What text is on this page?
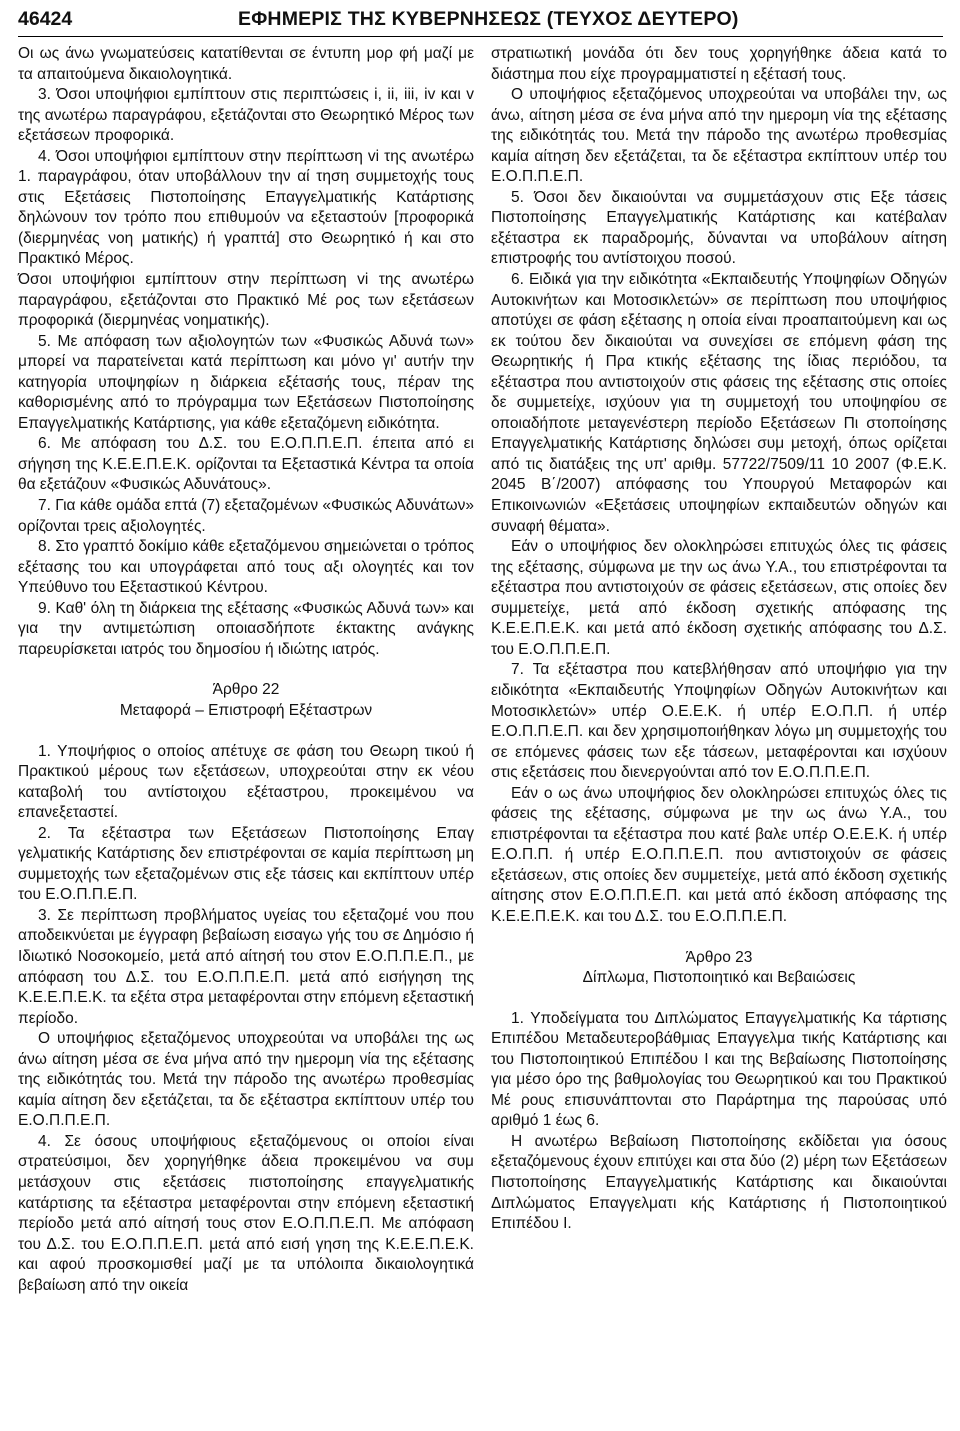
46424	ΕΦΗΜΕΡΙΣ ΤΗΣ ΚΥΒΕΡΝΗΣΕΩΣ (ΤΕΥΧΟΣ ΔΕΥΤΕΡΟ)

Οι ως άνω γνωματεύσεις κατατίθενται σε έντυπη μορ φή μαζί με τα απαιτούμενα δικαιολογητικά.

3. Όσοι υποψήφιοι εμπίπτουν στις περιπτώσεις i, ii, iii, iv και v της ανωτέρω παραγράφου, εξετάζονται στο Θεωρητικό Μέρος των εξετάσεων προφορικά.

4. Όσοι υποψήφιοι εμπίπτουν στην περίπτωση vi της ανωτέρω 1. παραγράφου, όταν υποβάλλουν την αί τηση συμμετοχής τους στις Εξετάσεις Πιστοποίησης Επαγγελματικής Κατάρτισης δηλώνουν τον τρόπο που επιθυμούν να εξεταστούν [προφορικά (διερμηνέας νοη ματικής) ή γραπτά] στο Θεωρητικό ή και στο Πρακτικό Μέρος.

Όσοι υποψήφιοι εμπίπτουν στην περίπτωση vi της ανωτέρω παραγράφου, εξετάζονται στο Πρακτικό Μέ ρος των εξετάσεων προφορικά (διερμηνέας νοηματικής).

5. Με απόφαση των αξιολογητών των «Φυσικώς Αδυνά των» μπορεί να παρατείνεται κατά περίπτωση και μόνο γι' αυτήν την κατηγορία υποψηφίων η διάρκεια εξέτασής τους, πέραν της καθορισμένης από το πρόγραμμα των Εξετάσεων Πιστοποίησης Επαγγελματικής Κατάρτισης, για κάθε εξεταζόμενη ειδικότητα.

6. Με απόφαση του Δ.Σ. του Ε.Ο.Π.Π.Ε.Π. έπειτα από ει σήγηση της Κ.Ε.Ε.Π.Ε.Κ. ορίζονται τα Εξεταστικά Κέντρα τα οποία θα εξετάζουν «Φυσικώς Αδυνάτους».

7. Για κάθε ομάδα επτά (7) εξεταζομένων «Φυσικώς Αδυνάτων» ορίζονται τρεις αξιολογητές.

8. Στο γραπτό δοκίμιο κάθε εξεταζόμενου σημειώνεται ο τρόπος εξέτασης του και υπογράφεται από τους αξι ολογητές και τον Υπεύθυνο του Εξεταστικού Κέντρου.

9. Καθ' όλη τη διάρκεια της εξέτασης «Φυσικώς Αδυνά των» και για την αντιμετώπιση οποιασδήποτε έκτακτης ανάγκης παρευρίσκεται ιατρός του δημοσίου ή ιδιώτης ιατρός.

Άρθρο 22

Μεταφορά – Επιστροφή Εξέταστρων

1. Υποψήφιος ο οποίος απέτυχε σε φάση του Θεωρη τικού ή Πρακτικού μέρους των εξετάσεων, υποχρεούται στην εκ νέου καταβολή του αντίστοιχου εξέταστρου, προκειμένου να επανεξεταστεί.

2. Τα εξέταστρα των Εξετάσεων Πιστοποίησης Επαγ γελματικής Κατάρτισης δεν επιστρέφονται σε καμία περίπτωση μη συμμετοχής των εξεταζομένων στις εξε τάσεις και εκπίπτουν υπέρ του Ε.Ο.Π.Π.Ε.Π.

3. Σε περίπτωση προβλήματος υγείας του εξεταζομέ νου που αποδεικνύεται με έγγραφη βεβαίωση εισαγω γής του σε Δημόσιο ή Ιδιωτικό Νοσοκομείο, μετά από αίτησή του στον Ε.Ο.Π.Π.Ε.Π., με απόφαση του Δ.Σ. του Ε.Ο.Π.Π.Ε.Π. μετά από εισήγηση της Κ.Ε.Ε.Π.Ε.Κ. τα εξέτα στρα μεταφέρονται στην επόμενη εξεταστική περίοδο.

Ο υποψήφιος εξεταζόμενος υποχρεούται να υποβάλει της ως άνω αίτηση μέσα σε ένα μήνα από την ημερομη νία της εξέτασης της ειδικότητάς του. Μετά την πάροδο της ανωτέρω προθεσμίας καμία αίτηση δεν εξετάζεται, τα δε εξέταστρα εκπίπτουν υπέρ του Ε.Ο.Π.Π.Ε.Π.

4. Σε όσους υποψήφιους εξεταζόμενους οι οποίοι είναι στρατεύσιμοι, δεν χορηγήθηκε άδεια προκειμένου να συμ μετάσχουν στις εξετάσεις πιστοποίησης επαγγελματικής κατάρτισης τα εξέταστρα μεταφέρονται στην επόμενη εξεταστική περίοδο μετά από αίτησή τους στον Ε.Ο.Π.Π.Ε.Π. Με απόφαση του Δ.Σ. του Ε.Ο.Π.Π.Ε.Π. μετά από εισή γηση της Κ.Ε.Ε.Π.Ε.Κ. και αφού προσκομισθεί μαζί με τα υπόλοιπα δικαιολογητικά βεβαίωση από την οικεία

στρατιωτική μονάδα ότι δεν τους χορηγήθηκε άδεια κατά το διάστημα που είχε προγραμματιστεί η εξέτασή τους.

Ο υποψήφιος εξεταζόμενος υποχρεούται να υποβάλει την, ως άνω, αίτηση μέσα σε ένα μήνα από την ημερομη νία της εξέτασης της ειδικότητάς του. Μετά την πάροδο της ανωτέρω προθεσμίας καμία αίτηση δεν εξετάζεται, τα δε εξέταστρα εκπίπτουν υπέρ του Ε.Ο.Π.Π.Ε.Π.

5. Όσοι δεν δικαιούνται να συμμετάσχουν στις Εξε τάσεις Πιστοποίησης Επαγγελματικής Κατάρτισης και κατέβαλαν εξέταστρα εκ παραδρομής, δύνανται να υποβάλουν αίτηση επιστροφής του αντίστοιχου ποσού.

6. Ειδικά για την ειδικότητα «Εκπαιδευτής Υποψηφίων Οδηγών Αυτοκινήτων και Μοτοσικλετών» σε περίπτωση που υποψήφιος αποτύχει σε φάση εξέτασης η οποία είναι προαπαιτούμενη και ως εκ τούτου δεν δικαιούται να συνεχίσει σε επόμενη φάση της Θεωρητικής ή Πρα κτικής εξέτασης της ίδιας περιόδου, τα εξέταστρα που αντιστοιχούν στις φάσεις της εξέτασης στις οποίες δε συμμετείχε, ισχύουν για τη συμμετοχή του υποψηφίου σε οποιαδήποτε μεταγενέστερη περίοδο Εξετάσεων Πι στοποίησης Επαγγελματικής Κατάρτισης δηλώσει συμ μετοχή, όπως ορίζεται από τις διατάξεις της υπ' αριθμ. 57722/7509/11 10 2007 (Φ.Ε.Κ. 2045 Β΄/2007) απόφασης του Υπουργού Μεταφορών και Επικοινωνιών «Εξετάσεις υποψηφίων εκπαιδευτών οδηγών και συναφή θέματα».

Εάν ο υποψήφιος δεν ολοκληρώσει επιτυχώς όλες τις φάσεις της εξέτασης, σύμφωνα με την ως άνω Υ.Α., του επιστρέφονται τα εξέταστρα που αντιστοιχούν σε φάσεις εξετάσεων, στις οποίες δεν συμμετείχε, μετά από έκδοση σχετικής απόφασης της Κ.Ε.Ε.Π.Ε.Κ. και μετά από έκδοση σχετικής απόφασης του Δ.Σ. του Ε.Ο.Π.Π.Ε.Π.

7. Τα εξέταστρα που κατεβλήθησαν από υποψήφιο για την ειδικότητα «Εκπαιδευτής Υποψηφίων Οδηγών Αυτοκινήτων και Μοτοσικλετών» υπέρ Ο.Ε.Ε.Κ. ή υπέρ Ε.Ο.Π.Π. ή υπέρ Ε.Ο.Π.Π.Ε.Π. και δεν χρησιμοποιήθηκαν λόγω μη συμμετοχής του σε επόμενες φάσεις των εξε τάσεων, μεταφέρονται και ισχύουν στις εξετάσεις που διενεργούνται από τον Ε.Ο.Π.Π.Ε.Π.

Εάν ο ως άνω υποψήφιος δεν ολοκληρώσει επιτυχώς όλες τις φάσεις της εξέτασης, σύμφωνα με την ως άνω Υ.Α., του επιστρέφονται τα εξέταστρα που κατέ βαλε υπέρ Ο.Ε.Ε.Κ. ή υπέρ Ε.Ο.Π.Π. ή υπέρ Ε.Ο.Π.Π.Ε.Π. που αντιστοιχούν σε φάσεις εξετάσεων, στις οποίες δεν συμμετείχε, μετά από έκδοση σχετικής αίτησης στον Ε.Ο.Π.Π.Ε.Π. και μετά από έκδοση απόφασης της Κ.Ε.Ε.Π.Ε.Κ. και του Δ.Σ. του Ε.Ο.Π.Π.Ε.Π.

Άρθρο 23

Δίπλωμα, Πιστοποιητικό και Βεβαιώσεις

1. Υποδείγματα του Διπλώματος Επαγγελματικής Κα τάρτισης Επιπέδου Μεταδευτεροβάθμιας Επαγγελμα τικής Κατάρτισης και του Πιστοποιητικού Επιπέδου Ι και της Βεβαίωσης Πιστοποίησης για μέσο όρο της βαθμολογίας του Θεωρητικού και του Πρακτικού Μέ ρους επισυνάπτονται στο Παράρτημα της παρούσας υπό αριθμό 1 έως 6.

Η ανωτέρω Βεβαίωση Πιστοποίησης εκδίδεται για όσους εξεταζόμενους έχουν επιτύχει και στα δύο (2) μέρη των Εξετάσεων Πιστοποίησης Επαγγελματικής Κατάρτισης και δικαιούνται Διπλώματος Επαγγελματι κής Κατάρτισης ή Πιστοποιητικού Επιπέδου Ι.
